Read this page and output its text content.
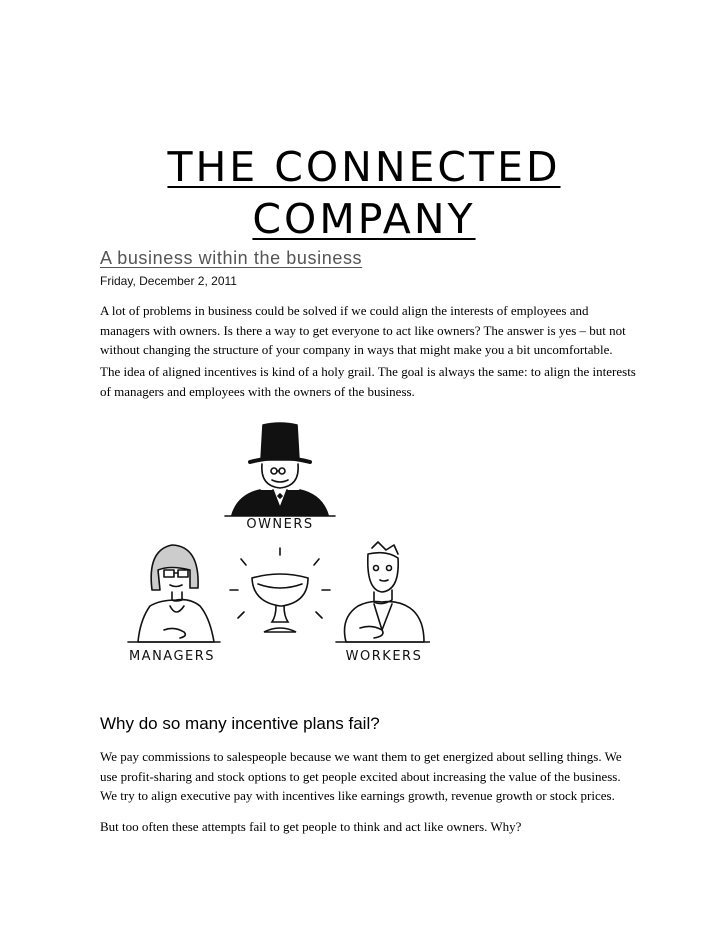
THE CONNECTED
COMPANY
A business within the business
Friday, December 2, 2011

A lot of problems in business could be solved if we could align the interests of employees and managers with owners. Is there a way to get everyone to act like owners? The answer is yes – but not without changing the structure of your company in ways that might make you a bit uncomfortable.

The idea of aligned incentives is kind of a holy grail. The goal is always the same: to align the interests of managers and employees with the owners of the business.

OWNERS
MANAGERS	WORKERS
Why do so many incentive plans fail?

We pay commissions to salespeople because we want them to get energized about selling things. We use profit-sharing and stock options to get people excited about increasing the value of the business. We try to align executive pay with incentives like earnings growth, revenue growth or stock prices.

But too often these attempts fail to get people to think and act like owners. Why?
